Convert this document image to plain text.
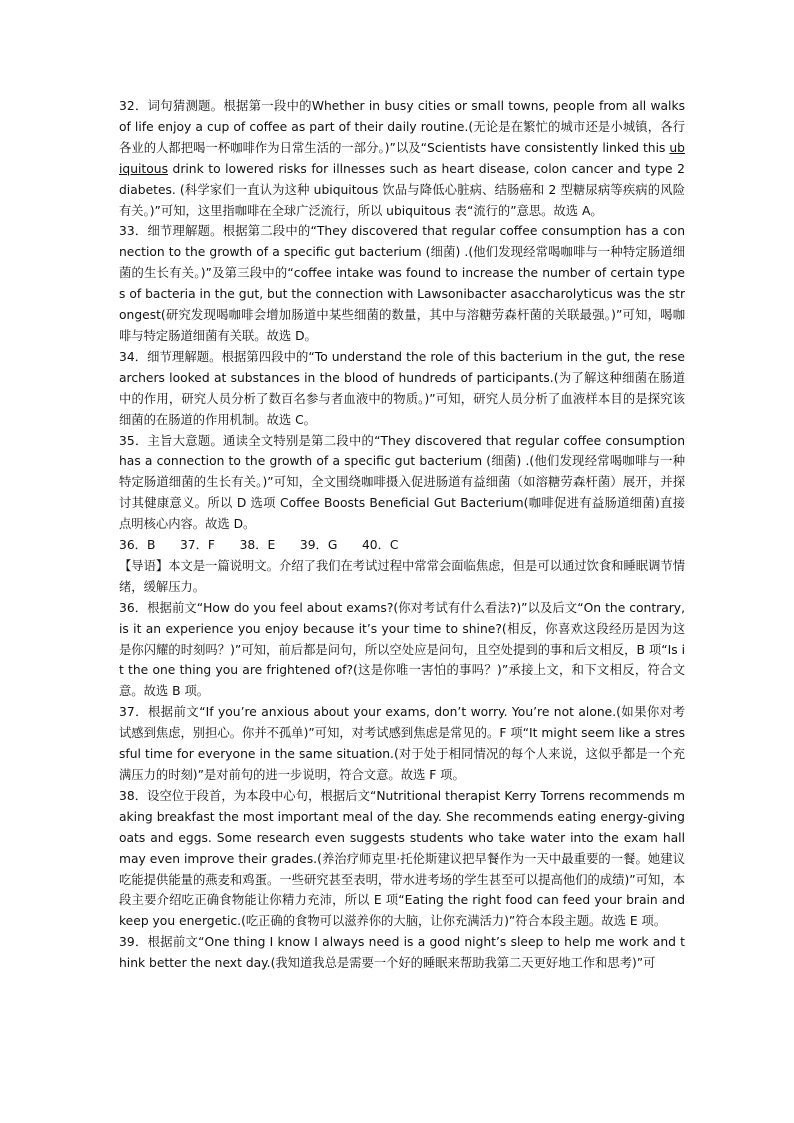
32．词句猜测题。根据第一段中的Whether in busy cities or small towns, people from all walks of life enjoy a cup of coffee as part of their daily routine.(无论是在繁忙的城市还是小城镇，各行各业的人都把喝一杯咖啡作为日常生活的一部分。)”以及“Scientists have consistently linked this ubiquitous drink to lowered risks for illnesses such as heart disease, colon cancer and type 2 diabetes. (科学家们一直认为这种 ubiquitous 饮品与降低心脏病、结肠癌和 2 型糖尿病等疾病的风险有关。)”可知，这里指咖啡在全球广泛流行，所以 ubiquitous 表“流行的”意思。故选 A。

33．细节理解题。根据第二段中的“They discovered that regular coffee consumption has a connection to the growth of a specific gut bacterium (细菌) .(他们发现经常喝咖啡与一种特定肠道细菌的生长有关。)”及第三段中的“coffee intake was found to increase the number of certain types of bacteria in the gut, but the connection with Lawsonibacter asaccharolyticus was the strongest(研究发现喝咖啡会增加肠道中某些细菌的数量，其中与溶糖劳森杆菌的关联最强。)”可知，喝咖啡与特定肠道细菌有关联。故选 D。

34．细节理解题。根据第四段中的“To understand the role of this bacterium in the gut, the researchers looked at substances in the blood of hundreds of participants.(为了解这种细菌在肠道中的作用，研究人员分析了数百名参与者血液中的物质。)”可知，研究人员分析了血液样本目的是探究该细菌的在肠道的作用机制。故选 C。

35．主旨大意题。通读全文特别是第二段中的“They discovered that regular coffee consumption has a connection to the growth of a specific gut bacterium (细菌) .(他们发现经常喝咖啡与一种特定肠道细菌的生长有关。)”可知，全文围绕咖啡摄入促进肠道有益细菌（如溶糖劳森杆菌）展开，并探讨其健康意义。所以 D 选项 Coffee Boosts Beneficial Gut Bacterium(咖啡促进有益肠道细菌)直接点明核心内容。故选 D。

36．B　　37．F　　38．E　　39．G　　40．C

【导语】本文是一篇说明文。介绍了我们在考试过程中常常会面临焦虑，但是可以通过饮食和睡眠调节情绪，缓解压力。

36．根据前文“How do you feel about exams?(你对考试有什么看法?)”以及后文“On the contrary, is it an experience you enjoy because it’s your time to shine?(相反，你喜欢这段经历是因为这是你闪耀的时刻吗？)”可知，前后都是问句，所以空处应是问句，且空处提到的事和后文相反，B 项“Is it the one thing you are frightened of?(这是你唯一害怕的事吗？)”承接上文，和下文相反，符合文意。故选 B 项。

37．根据前文“If you’re anxious about your exams, don’t worry. You’re not alone.(如果你对考试感到焦虑，别担心。你并不孤单)”可知，对考试感到焦虑是常见的。F 项“It might seem like a stressful time for everyone in the same situation.(对于处于相同情况的每个人来说，这似乎都是一个充满压力的时刻)”是对前句的进一步说明，符合文意。故选 F 项。

38．设空位于段首，为本段中心句，根据后文“Nutritional therapist Kerry Torrens recommends making breakfast the most important meal of the day. She recommends eating energy-giving oats and eggs. Some research even suggests students who take water into the exam hall may even improve their grades.(养治疗师克里·托伦斯建议把早餐作为一天中最重要的一餐。她建议吃能提供能量的燕麦和鸡蛋。一些研究甚至表明，带水进考场的学生甚至可以提高他们的成绩)”可知，本段主要介绍吃正确食物能让你精力充沛，所以 E 项“Eating the right food can feed your brain and keep you energetic.(吃正确的食物可以滋养你的大脑，让你充满活力)”符合本段主题。故选 E 项。

39．根据前文“One thing I know I always need is a good night’s sleep to help me work and think better the next day.(我知道我总是需要一个好的睡眠来帮助我第二天更好地工作和思考)”可
